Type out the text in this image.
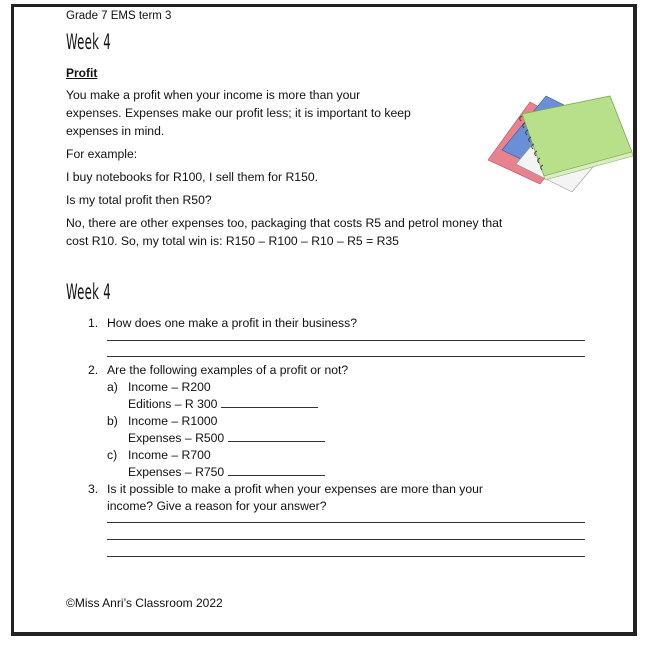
Grade 7 EMS term 3
Week 4
Profit
You make a profit when your income is more than your
expenses. Expenses make our profit less; it is important to keep
expenses in mind.
For example:
I buy notebooks for R100, I sell them for R150.
Is my total profit then R50?
No, there are other expenses too, packaging that costs R5 and petrol money that
cost R10. So, my total win is: R150 – R100 – R10 – R5 = R35
Week 4
1. How does one make a profit in their business?
2. Are the following examples of a profit or not?
a) Income – R200
Editions – R 300
b) Income – R1000
Expenses – R500
c) Income – R700
Expenses – R750
3. Is it possible to make a profit when your expenses are more than your
income? Give a reason for your answer?
©Miss Anri’s Classroom 2022
